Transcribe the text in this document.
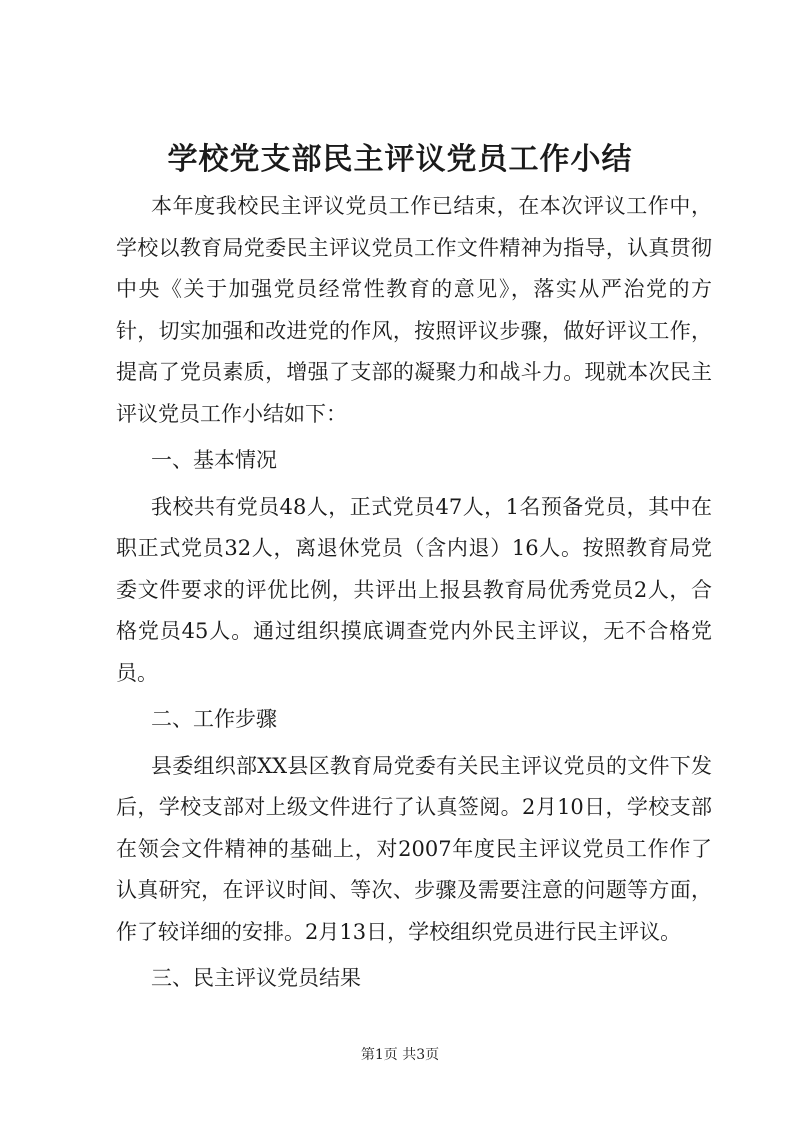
学校党支部民主评议党员工作小结

本年度我校民主评议党员工作已结束，在本次评议工作中，学校以教育局党委民主评议党员工作文件精神为指导，认真贯彻中央《关于加强党员经常性教育的意见》，落实从严治党的方针，切实加强和改进党的作风，按照评议步骤，做好评议工作，提高了党员素质，增强了支部的凝聚力和战斗力。现就本次民主评议党员工作小结如下：

一、基本情况

我校共有党员48人，正式党员47人，1名预备党员，其中在职正式党员32人，离退休党员（含内退）16人。按照教育局党委文件要求的评优比例，共评出上报县教育局优秀党员2人，合格党员45人。通过组织摸底调查党内外民主评议，无不合格党员。

二、工作步骤

县委组织部XX县区教育局党委有关民主评议党员的文件下发后，学校支部对上级文件进行了认真签阅。2月10日，学校支部在领会文件精神的基础上，对2007年度民主评议党员工作作了认真研究，在评议时间、等次、步骤及需要注意的问题等方面，作了较详细的安排。2月13日，学校组织党员进行民主评议。

三、民主评议党员结果

第1页 共3页
